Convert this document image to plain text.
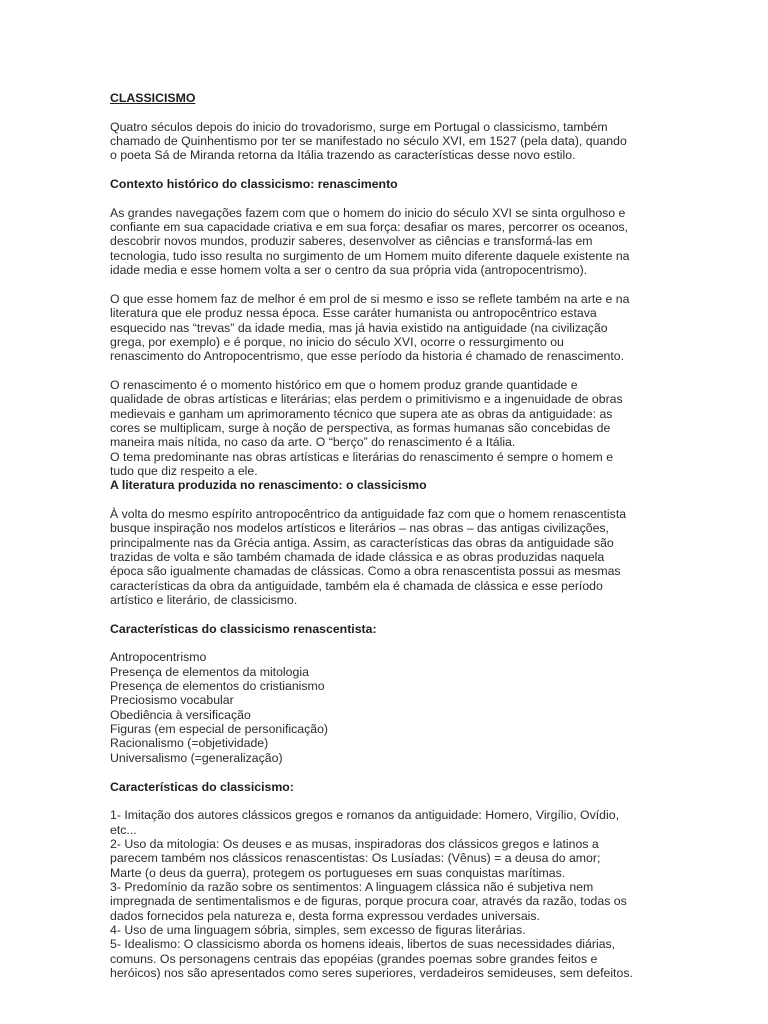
CLASSICISMO

Quatro séculos depois do inicio do trovadorismo, surge em Portugal o classicismo, também
chamado de Quinhentismo por ter se manifestado no século XVI, em 1527 (pela data), quando
o poeta Sá de Miranda retorna da Itália trazendo as características desse novo estilo.

Contexto histórico do classicismo: renascimento

As grandes navegações fazem com que o homem do inicio do século XVI se sinta orgulhoso e
confiante em sua capacidade criativa e em sua força: desafiar os mares, percorrer os oceanos,
descobrir novos mundos, produzir saberes, desenvolver as ciências e transformá-las em
tecnologia, tudo isso resulta no surgimento de um Homem muito diferente daquele existente na
idade media e esse homem volta a ser o centro da sua própria vida (antropocentrismo).

O que esse homem faz de melhor é em prol de si mesmo e isso se reflete também na arte e na
literatura que ele produz nessa época. Esse caráter humanista ou antropocêntrico estava
esquecido nas “trevas” da idade media, mas já havia existido na antiguidade (na civilização
grega, por exemplo) e é porque, no inicio do século XVI, ocorre o ressurgimento ou
renascimento do Antropocentrismo, que esse período da historia é chamado de renascimento.

O renascimento é o momento histórico em que o homem produz grande quantidade e
qualidade de obras artísticas e literárias; elas perdem o primitivismo e a ingenuidade de obras
medievais e ganham um aprimoramento técnico que supera ate as obras da antiguidade: as
cores se multiplicam, surge à noção de perspectiva, as formas humanas são concebidas de
maneira mais nítida, no caso da arte. O “berço” do renascimento é a Itália.
O tema predominante nas obras artísticas e literárias do renascimento é sempre o homem e
tudo que diz respeito a ele.

A literatura produzida no renascimento: o classicismo

À volta do mesmo espírito antropocêntrico da antiguidade faz com que o homem renascentista
busque inspiração nos modelos artísticos e literários – nas obras – das antigas civilizações,
principalmente nas da Grécia antiga. Assim, as características das obras da antiguidade são
trazidas de volta e são também chamada de idade clássica e as obras produzidas naquela
época são igualmente chamadas de clássicas. Como a obra renascentista possui as mesmas
características da obra da antiguidade, também ela é chamada de clássica e esse período
artístico e literário, de classicismo.

Características do classicismo renascentista:

Antropocentrismo
Presença de elementos da mitologia
Presença de elementos do cristianismo
Preciosismo vocabular
Obediência à versificação
Figuras (em especial de personificação)
Racionalismo (=objetividade)
Universalismo (=generalização)

Características do classicismo:

1- Imitação dos autores clássicos gregos e romanos da antiguidade: Homero, Virgílio, Ovídio,
etc...

2- Uso da mitologia: Os deuses e as musas, inspiradoras dos clássicos gregos e latinos a
parecem também nos clássicos renascentistas: Os Lusíadas: (Vênus) = a deusa do amor;
Marte (o deus da guerra), protegem os portugueses em suas conquistas marítimas.

3- Predomínio da razão sobre os sentimentos: A linguagem clássica não é subjetiva nem
impregnada de sentimentalismos e de figuras, porque procura coar, através da razão, todas os
dados fornecidos pela natureza e, desta forma expressou verdades universais.

4- Uso de uma linguagem sóbria, simples, sem excesso de figuras literárias.

5- Idealismo: O classicismo aborda os homens ideais, libertos de suas necessidades diárias,
comuns. Os personagens centrais das epopéias (grandes poemas sobre grandes feitos e
heróicos) nos são apresentados como seres superiores, verdadeiros semideuses, sem defeitos.
